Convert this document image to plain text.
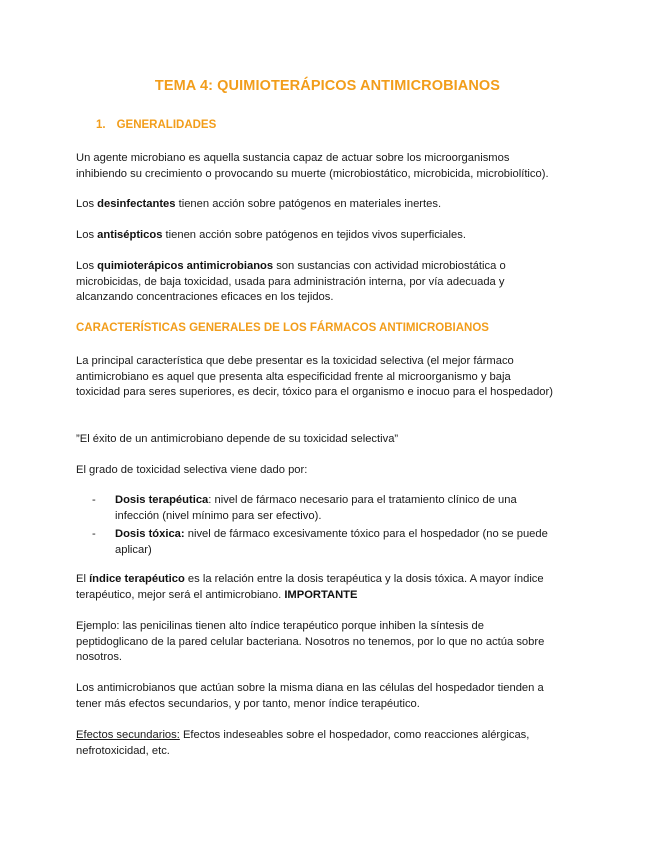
TEMA 4: QUIMIOTERÁPICOS ANTIMICROBIANOS
1. GENERALIDADES

Un agente microbiano es aquella sustancia capaz de actuar sobre los microorganismos inhibiendo su crecimiento o provocando su muerte (microbiostático, microbicida, microbiolítico).

Los desinfectantes tienen acción sobre patógenos en materiales inertes.

Los antisépticos tienen acción sobre patógenos en tejidos vivos superficiales.

Los quimioterápicos antimicrobianos son sustancias con actividad microbiostática o microbicidas, de baja toxicidad, usada para administración interna, por vía adecuada y alcanzando concentraciones eficaces en los tejidos.

CARACTERÍSTICAS GENERALES DE LOS FÁRMACOS ANTIMICROBIANOS

La principal característica que debe presentar es la toxicidad selectiva (el mejor fármaco antimicrobiano es aquel que presenta alta especificidad frente al microorganismo y baja toxicidad para seres superiores, es decir, tóxico para el organismo e inocuo para el hospedador)

”El éxito de un antimicrobiano depende de su toxicidad selectiva”

El grado de toxicidad selectiva viene dado por:

- Dosis terapéutica: nivel de fármaco necesario para el tratamiento clínico de una infección (nivel mínimo para ser efectivo).
- Dosis tóxica: nivel de fármaco excesivamente tóxico para el hospedador (no se puede aplicar)

El índice terapéutico es la relación entre la dosis terapéutica y la dosis tóxica. A mayor índice terapéutico, mejor será el antimicrobiano. IMPORTANTE

Ejemplo: las penicilinas tienen alto índice terapéutico porque inhiben la síntesis de peptidoglicano de la pared celular bacteriana. Nosotros no tenemos, por lo que no actúa sobre nosotros.

Los antimicrobianos que actúan sobre la misma diana en las células del hospedador tienden a tener más efectos secundarios, y por tanto, menor índice terapéutico.

Efectos secundarios: Efectos indeseables sobre el hospedador, como reacciones alérgicas, nefrotoxicidad, etc.
